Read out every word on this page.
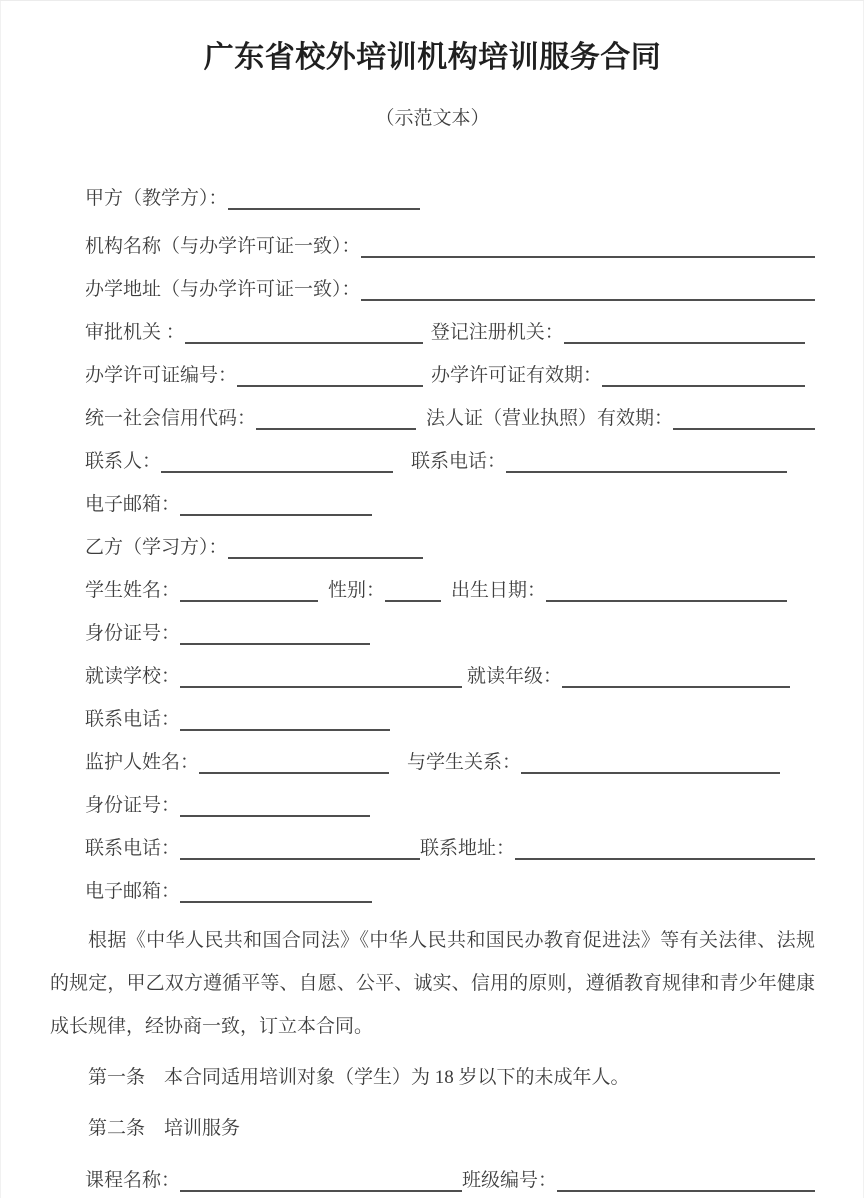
广东省校外培训机构培训服务合同

（示范文本）

甲方（教学方）：
机构名称（与办学许可证一致）：
办学地址（与办学许可证一致）：
审批机关 ：	登记注册机关：
办学许可证编号：	办学许可证有效期：
统一社会信用代码：	法人证（营业执照）有效期：
联系人：	联系电话：
电子邮箱：
乙方（学习方）：
学生姓名：	性别：	出生日期：
身份证号：
就读学校：	就读年级：
联系电话：
监护人姓名：	与学生关系：
身份证号：
联系电话：	联系地址：
电子邮箱：

根据《中华人民共和国合同法》《中华人民共和国民办教育促进法》等有关法律、法规的规定，甲乙双方遵循平等、自愿、公平、诚实、信用的原则，遵循教育规律和青少年健康成长规律，经协商一致，订立本合同。

第一条　本合同适用培训对象（学生）为 18 岁以下的未成年人。

第二条　培训服务

课程名称：	班级编号：
